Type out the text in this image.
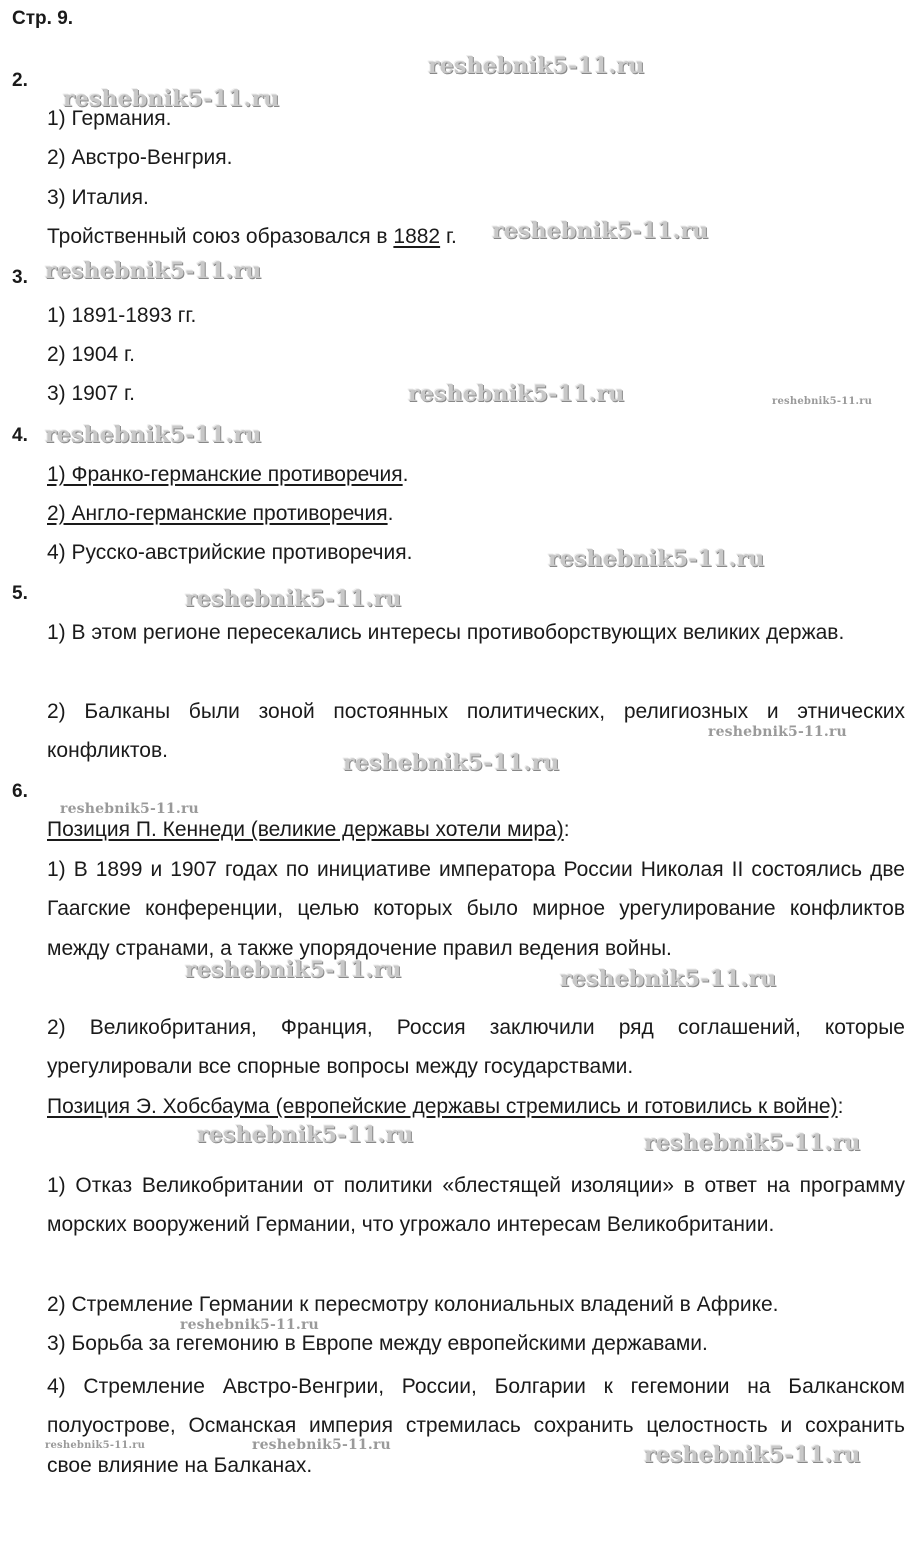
Стр. 9.
2.
1) Германия.
2) Австро-Венгрия.
3) Италия.
Тройственный союз образовался в 1882 г.
3.
1) 1891-1893 гг.
2) 1904 г.
3) 1907 г.
4.
1) Франко-германские противоречия.
2) Англо-германские противоречия.
4) Русско-австрийские противоречия.
5.
1) В этом регионе пересекались интересы противоборствующих великих держав.
2) Балканы были зоной постоянных политических, религиозных и этнических конфликтов.
6.
Позиция П. Кеннеди (великие державы хотели мира):
1) В 1899 и 1907 годах по инициативе императора России Николая II состоялись две Гаагские конференции, целью которых было мирное урегулирование конфликтов между странами, а также упорядочение правил ведения войны.
2) Великобритания, Франция, Россия заключили ряд соглашений, которые урегулировали все спорные вопросы между государствами.
Позиция Э. Хобсбаума (европейские державы стремились и готовились к войне):
1) Отказ Великобритании от политики «блестящей изоляции» в ответ на программу морских вооружений Германии, что угрожало интересам Великобритании.
2) Стремление Германии к пересмотру колониальных владений в Африке.
3) Борьба за гегемонию в Европе между европейскими державами.
4) Стремление Австро-Венгрии, России, Болгарии к гегемонии на Балканском полуострове, Османская империя стремилась сохранить целостность и сохранить свое влияние на Балканах.
reshebnik5-11.ru
reshebnik5-11.ru
reshebnik5-11.ru
reshebnik5-11.ru
reshebnik5-11.ru	reshebnik5-11.ru
reshebnik5-11.ru
reshebnik5-11.ru
reshebnik5-11.ru
reshebnik5-11.ru
reshebnik5-11.ru
reshebnik5-11.ru
reshebnik5-11.ru	reshebnik5-11.ru
reshebnik5-11.ru	reshebnik5-11.ru
reshebnik5-11.ru
reshebnik5-11.ru	reshebnik5-11.ru	reshebnik5-11.ru
